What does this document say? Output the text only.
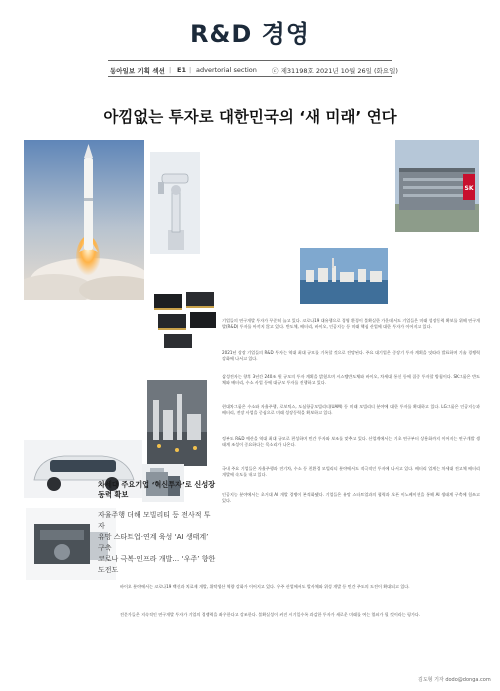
R&D 경영
동아일보 기획 섹션 | E1 | advertorial section ⓒ 제31198호 2021년 10월 26일 (화요일)
아낌없는 투자로 대한민국의 ‘새 미래’ 연다
SK
차세대 주요기업 ‘혁신투자’로 신성장동력 확보
자율주행 더해 모빌리티 등 전사적 투자
유망 스타트업·연계 육성 ‘AI 생태계’ 구축
코로나 극복·인프라 개발… ‘우주’ 향한 도전도
기업들의 연구개발 투자가 꾸준히 늘고 있다. 코로나19 대유행으로 경영 환경이 불확실한 가운데서도 기업들은 미래 성장동력 확보를 위해 연구개발(R&D) 투자를 아끼지 않고 있다. 반도체, 배터리, 바이오, 인공지능 등 미래 핵심 산업에 대한 투자가 이어지고 있다.
2021년 상장 기업들의 R&D 투자는 역대 최대 규모를 기록할 것으로 전망된다. 주요 대기업은 중장기 투자 계획을 잇따라 발표하며 기술 경쟁력 강화에 나서고 있다.
삼성전자는 향후 3년간 240조 원 규모의 투자 계획을 밝혔으며 시스템반도체와 바이오, 차세대 통신 등에 집중 투자할 방침이다. SK그룹은 반도체와 배터리, 수소 사업 등에 대규모 투자를 진행하고 있다.
현대차그룹은 수소와 자율주행, 로보틱스, 도심항공모빌리티(UAM) 등 미래 모빌리티 분야에 대한 투자를 확대하고 있다. LG그룹은 인공지능과 배터리, 전장 사업을 중심으로 미래 성장동력을 확보하고 있다.
정부도 R&D 예산을 역대 최대 규모로 편성하며 민간 투자와 보조를 맞추고 있다. 산업계에서는 기초 연구부터 상용화까지 이어지는 연구개발 생태계 조성이 중요하다는 목소리가 나온다.
국내 주요 기업들은 자율주행과 전기차, 수소 등 친환경 모빌리티 분야에서도 적극적인 투자에 나서고 있다. 배터리 업계는 차세대 전고체 배터리 개발에 속도를 내고 있다.
인공지능 분야에서는 초거대 AI 개발 경쟁이 본격화됐다. 기업들은 유망 스타트업과의 협력과 오픈 이노베이션을 통해 AI 생태계 구축에 힘쓰고 있다.
바이오 분야에서는 코로나19 백신과 치료제 개발, 위탁생산 역량 강화가 이어지고 있다. 우주 산업에서도 발사체와 위성 개발 등 민간 주도의 도전이 확대되고 있다.
전문가들은 지속적인 연구개발 투자가 기업의 경쟁력을 좌우한다고 강조한다. 불확실성이 커진 시기일수록 과감한 투자가 새로운 미래를 여는 열쇠가 될 것이라는 평가다.
김도형 기자 dodo@donga.com
